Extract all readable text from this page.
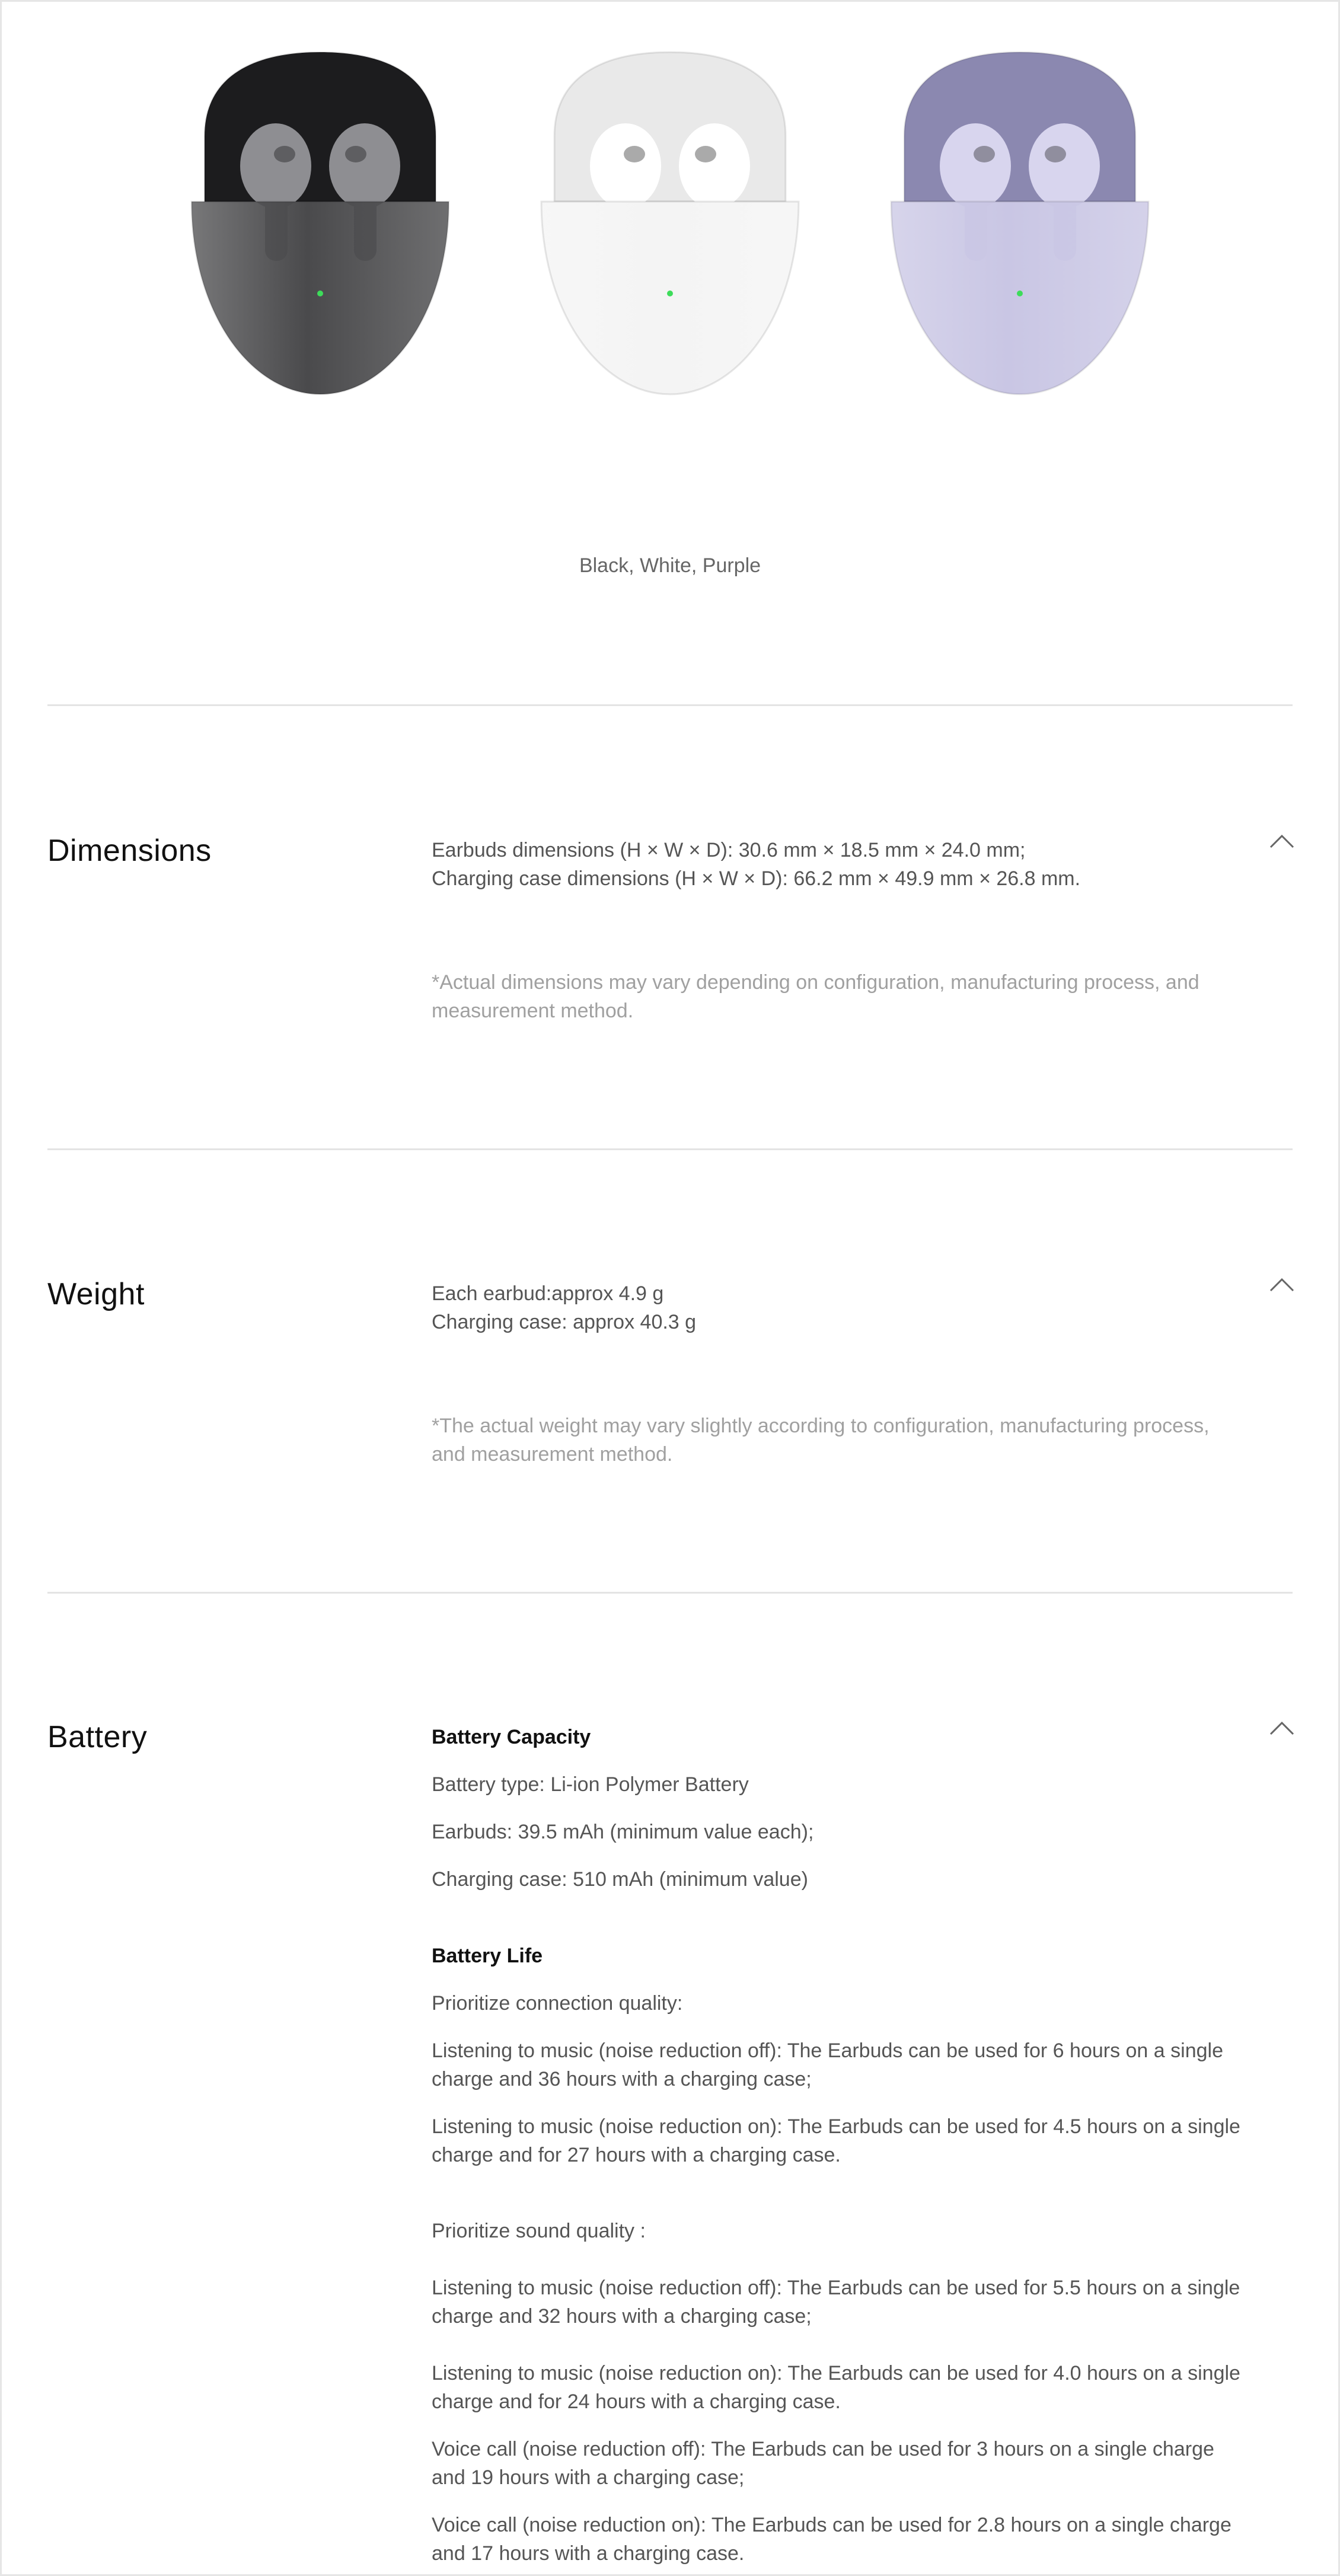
Black, White, Purple
Dimensions	Earbuds dimensions (H × W × D): 30.6 mm × 18.5 mm × 24.0 mm;

Charging case dimensions (H × W × D): 66.2 mm × 49.9 mm × 26.8 mm.

*Actual dimensions may vary depending on configuration, manufacturing process, and measurement method.
Weight	Each earbud:approx 4.9 g

Charging case: approx 40.3 g

*The actual weight may vary slightly according to configuration, manufacturing process, and measurement method.
Battery	Battery Capacity
Battery type: Li-ion Polymer Battery
Earbuds: 39.5 mAh (minimum value each);
Charging case: 510 mAh (minimum value)
Battery Life
Prioritize connection quality:
Listening to music (noise reduction off): The Earbuds can be used for 6 hours on a single charge and 36 hours with a charging case;
Listening to music (noise reduction on): The Earbuds can be used for 4.5 hours on a single charge and for 27 hours with a charging case.
Prioritize sound quality :
Listening to music (noise reduction off): The Earbuds can be used for 5.5 hours on a single charge and 32 hours with a charging case;
Listening to music (noise reduction on): The Earbuds can be used for 4.0 hours on a single charge and for 24 hours with a charging case.
Voice call (noise reduction off): The Earbuds can be used for 3 hours on a single charge and 19 hours with a charging case;
Voice call (noise reduction on): The Earbuds can be used for 2.8 hours on a single charge and 17 hours with a charging case.
